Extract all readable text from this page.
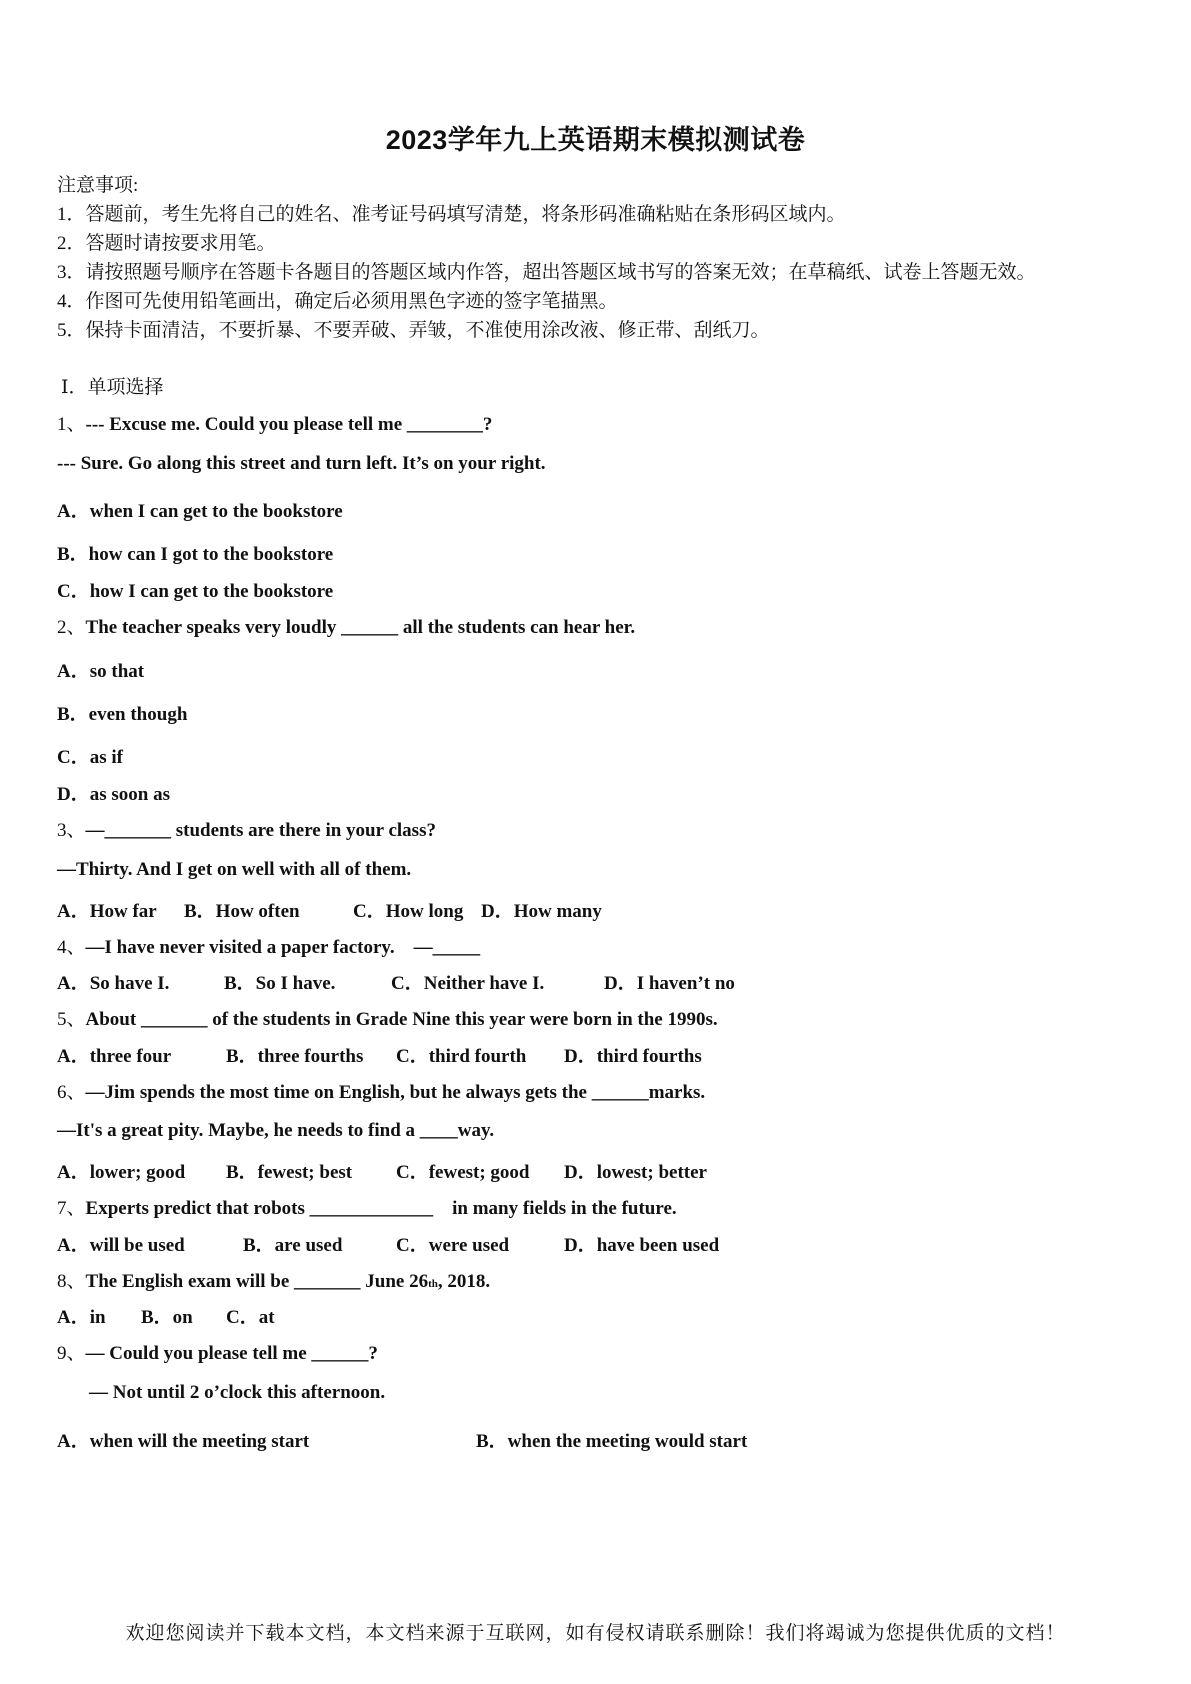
2023学年九上英语期末模拟测试卷
注意事项:
1．答题前，考生先将自己的姓名、准考证号码填写清楚，将条形码准确粘贴在条形码区域内。
2．答题时请按要求用笔。
3．请按照题号顺序在答题卡各题目的答题区域内作答，超出答题区域书写的答案无效；在草稿纸、试卷上答题无效。
4．作图可先使用铅笔画出，确定后必须用黑色字迹的签字笔描黑。
5．保持卡面清洁，不要折暴、不要弄破、弄皱，不准使用涂改液、修正带、刮纸刀。
Ⅰ．单项选择
1、--- Excuse me. Could you please tell me ________?
--- Sure. Go along this street and turn left. It’s on your right.
A．when I can get to the bookstore
B．how can I got to the bookstore
C．how I can get to the bookstore
2、The teacher speaks very loudly ______ all the students can hear her.
A．so that
B．even though
C．as if
D．as soon as
3、—_______ students are there in your class?
—Thirty. And I get on well with all of them.
A．How far B．How often	C．How long D．How many
4、—I have never visited a paper factory.　—_____
A．So have I.	B．So I have.	C．Neither have I.	D．I haven’t no
5、About _______ of the students in Grade Nine this year were born in the 1990s.
A．three four	B．three fourths C．third fourth D．third fourths
6、—Jim spends the most time on English, but he always gets the ______marks.
—It's a great pity. Maybe, he needs to find a ____way.
A．lower; good B．fewest; best C．fewest; good D．lowest; better
7、Experts predict that robots _____________　in many fields in the future.
A．will be used	B．are used	C．were used	D．have been used
8、The English exam will be _______ June 26th, 2018.
A．in B．on C．at
9、— Could you please tell me ______?
— Not until 2 o’clock this afternoon.
A．when will the meeting start	B．when the meeting would start
欢迎您阅读并下载本文档，本文档来源于互联网，如有侵权请联系删除！我们将竭诚为您提供优质的文档！
